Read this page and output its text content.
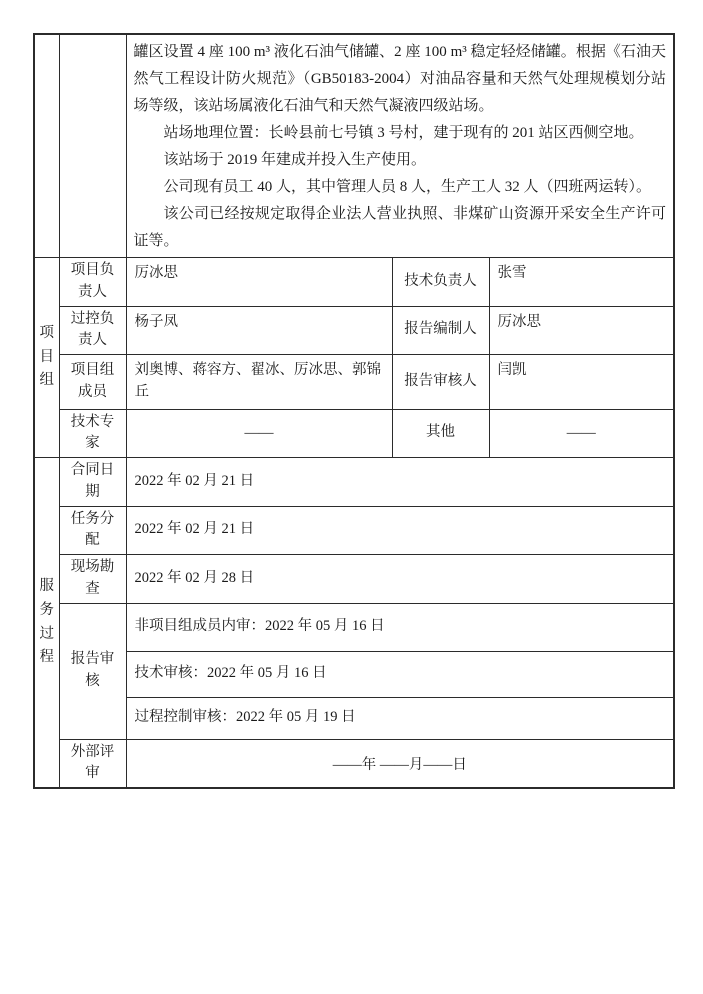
		罐区设置 4 座 100 m³ 液化石油气储罐、2 座 100 m³ 稳定轻烃储罐。根据《石油天然气工程设计防火规范》（GB50183-2004）对油品容量和天然气处理规模划分站场等级，该站场属液化石油气和天然气凝液四级站场。

站场地理位置：长岭县前七号镇 3 号村，建于现有的 201 站区西侧空地。

该站场于 2019 年建成并投入生产使用。

公司现有员工 40 人，其中管理人员 8 人，生产工人 32 人（四班两运转）。

该公司已经按规定取得企业法人营业执照、非煤矿山资源开采安全生产许可证等。		

项目组	项目负责人	厉冰思	技术负责人	张雪
	过控负责人	杨子凤	报告编制人	厉冰思
	项目组成员	刘奥博、蒋容方、翟冰、厉冰思、郭锦丘	报告审核人	闫凯
	技术专家	——	其他	——
服务过程	合同日期	2022 年 02 月 21 日		
	任务分配	2022 年 02 月 21 日		
	现场勘查	2022 年 02 月 28 日		
	报告审核	非项目组成员内审：2022 年 05 月 16 日		
		技术审核：2022 年 05 月 16 日		
		过程控制审核：2022 年 05 月 19 日		
	外部评审	——年 ——月——日		
